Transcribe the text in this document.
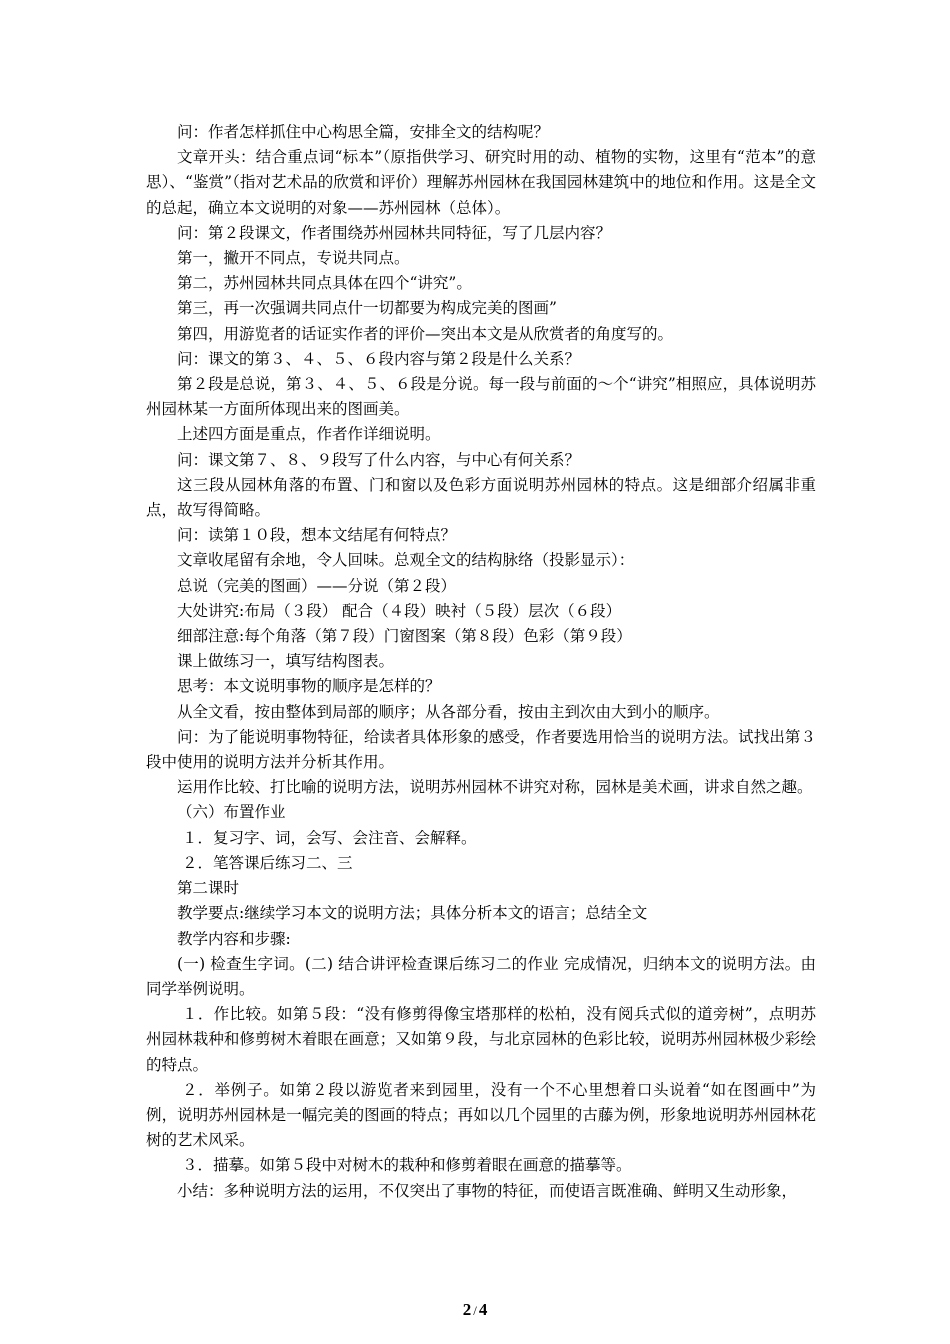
问：作者怎样抓住中心构思全篇，安排全文的结构呢？

文章开头：结合重点词“标本”（原指供学习、研究时用的动、植物的实物，这里有“范本”的意思）、“鉴赏”（指对艺术品的欣赏和评价）理解苏州园林在我国园林建筑中的地位和作用。这是全文的总起，确立本文说明的对象——苏州园林（总体）。

问：第２段课文，作者围绕苏州园林共同特征，写了几层内容？

第一，撇开不同点，专说共同点。

第二，苏州园林共同点具体在四个“讲究”。

第三，再一次强调共同点什一切都要为构成完美的图画”

第四，用游览者的话证实作者的评价—突出本文是从欣赏者的角度写的。

问：课文的第３、４、５、６段内容与第２段是什么关系？

第２段是总说，第３、４、５、６段是分说。每一段与前面的～个“讲究”相照应，具体说明苏州园林某一方面所体现出来的图画美。

上述四方面是重点，作者作详细说明。

问：课文第７、８、９段写了什么内容，与中心有何关系？

这三段从园林角落的布置、门和窗以及色彩方面说明苏州园林的特点。这是细部介绍属非重点，故写得简略。

问：读第１０段，想本文结尾有何特点？

文章收尾留有余地，令人回味。总观全文的结构脉络（投影显示）：

总说（完美的图画）——分说（第２段）

大处讲究:布局（３段） 配合（４段）映衬（５段）层次（６段）

细部注意:每个角落（第７段）门窗图案（第８段）色彩（第９段）

课上做练习一，填写结构图表。

思考：本文说明事物的顺序是怎样的？

从全文看，按由整体到局部的顺序；从各部分看，按由主到次由大到小的顺序。

问：为了能说明事物特征，给读者具体形象的感受，作者要选用恰当的说明方法。试找出第３段中使用的说明方法并分析其作用。

运用作比较、打比喻的说明方法，说明苏州园林不讲究对称，园林是美术画，讲求自然之趣。

（六）布置作业

１．复习字、词，会写、会注音、会解释。

２．笔答课后练习二、三

第二课时

教学要点:继续学习本文的说明方法；具体分析本文的语言；总结全文

教学内容和步骤:

(一) 检查生字词。(二) 结合讲评检查课后练习二的作业 完成情况，归纳本文的说明方法。由同学举例说明。

１．作比较。如第５段：“没有修剪得像宝塔那样的松柏，没有阅兵式似的道旁树”，点明苏州园林栽种和修剪树木着眼在画意；又如第９段，与北京园林的色彩比较，说明苏州园林极少彩绘的特点。

２．举例子。如第２段以游览者来到园里，没有一个不心里想着口头说着“如在图画中”为例，说明苏州园林是一幅完美的图画的特点；再如以几个园里的古藤为例，形象地说明苏州园林花树的艺术风采。

３．描摹。如第５段中对树木的栽种和修剪着眼在画意的描摹等。

小结：多种说明方法的运用，不仅突出了事物的特征，而使语言既准确、鲜明又生动形象，

2 / 4
